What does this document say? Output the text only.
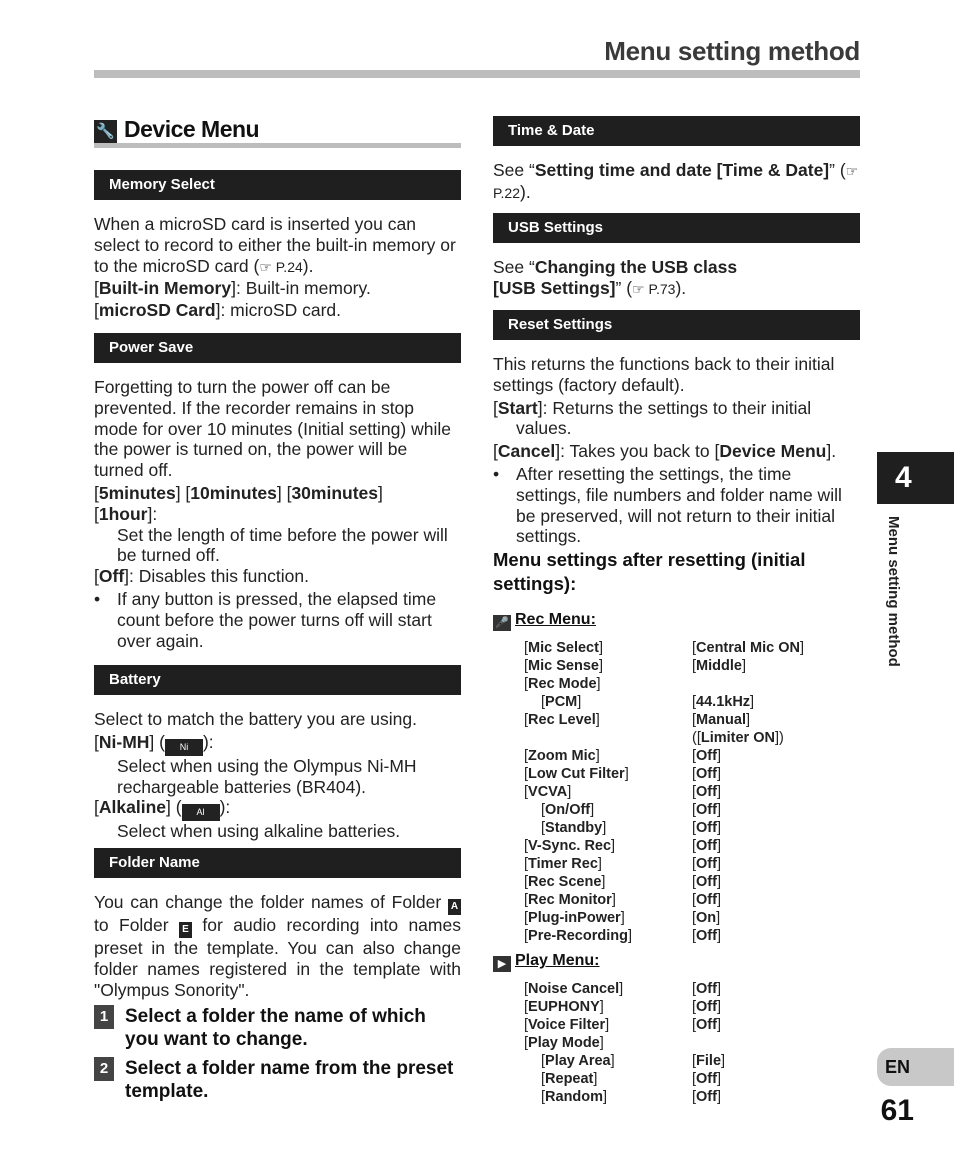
Menu setting method
🔧 Device Menu
Memory Select

When a microSD card is inserted you can select to record to either the built-in memory or to the microSD card (☞ P.24).

[Built-in Memory]: Built-in memory.

[microSD Card]: microSD card.

Power Save

Forgetting to turn the power off can be prevented. If the recorder remains in stop mode for over 10 minutes (Initial setting) while the power is turned on, the power will be turned off.

[5minutes] [10minutes] [30minutes]
[1hour]:

Set the length of time before the power will be turned off.

[Off]: Disables this function.

• If any button is pressed, the elapsed time count before the power turns off will start over again.

Battery

Select to match the battery you are using.

[Ni-MH] ( Ni ):

Select when using the Olympus Ni-MH rechargeable batteries (BR404).

[Alkaline] ( Al ):

Select when using alkaline batteries.

Folder Name

You can change the folder names of Folder A to Folder E for audio recording into names preset in the template. You can also change folder names registered in the template with "Olympus Sonority".

1 Select a folder the name of which you want to change.
2 Select a folder name from the preset template.
Time & Date

See “Setting time and date [Time & Date]” (☞ P.22).

USB Settings

See “Changing the USB class
[USB Settings]” (☞ P.73).

Reset Settings

This returns the functions back to their initial settings (factory default).

[Start]: Returns the settings to their initial values.

[Cancel]: Takes you back to [Device Menu].

• After resetting the settings, the time settings, file numbers and folder name will be preserved, will not return to their initial settings.

Menu settings after resetting (initial settings):
🎤 Rec Menu:
[Mic Select]	[Central Mic ON]
[Mic Sense]	[Middle]
[Rec Mode]
[PCM]	[44.1kHz]
[Rec Level]	[Manual]
([Limiter ON])
[Zoom Mic]	[Off]
[Low Cut Filter]	[Off]
[VCVA]	[Off]
[On/Off]	[Off]
[Standby]	[Off]
[V-Sync. Rec]	[Off]
[Timer Rec]	[Off]
[Rec Scene]	[Off]
[Rec Monitor]	[Off]
[Plug-inPower]	[On]
[Pre-Recording]	[Off]
▶ Play Menu:
[Noise Cancel]	[Off]
[EUPHONY]	[Off]
[Voice Filter]	[Off]
[Play Mode]
[Play Area]	[File]
[Repeat]	[Off]
[Random]	[Off]
4
Menu setting method
EN
61
